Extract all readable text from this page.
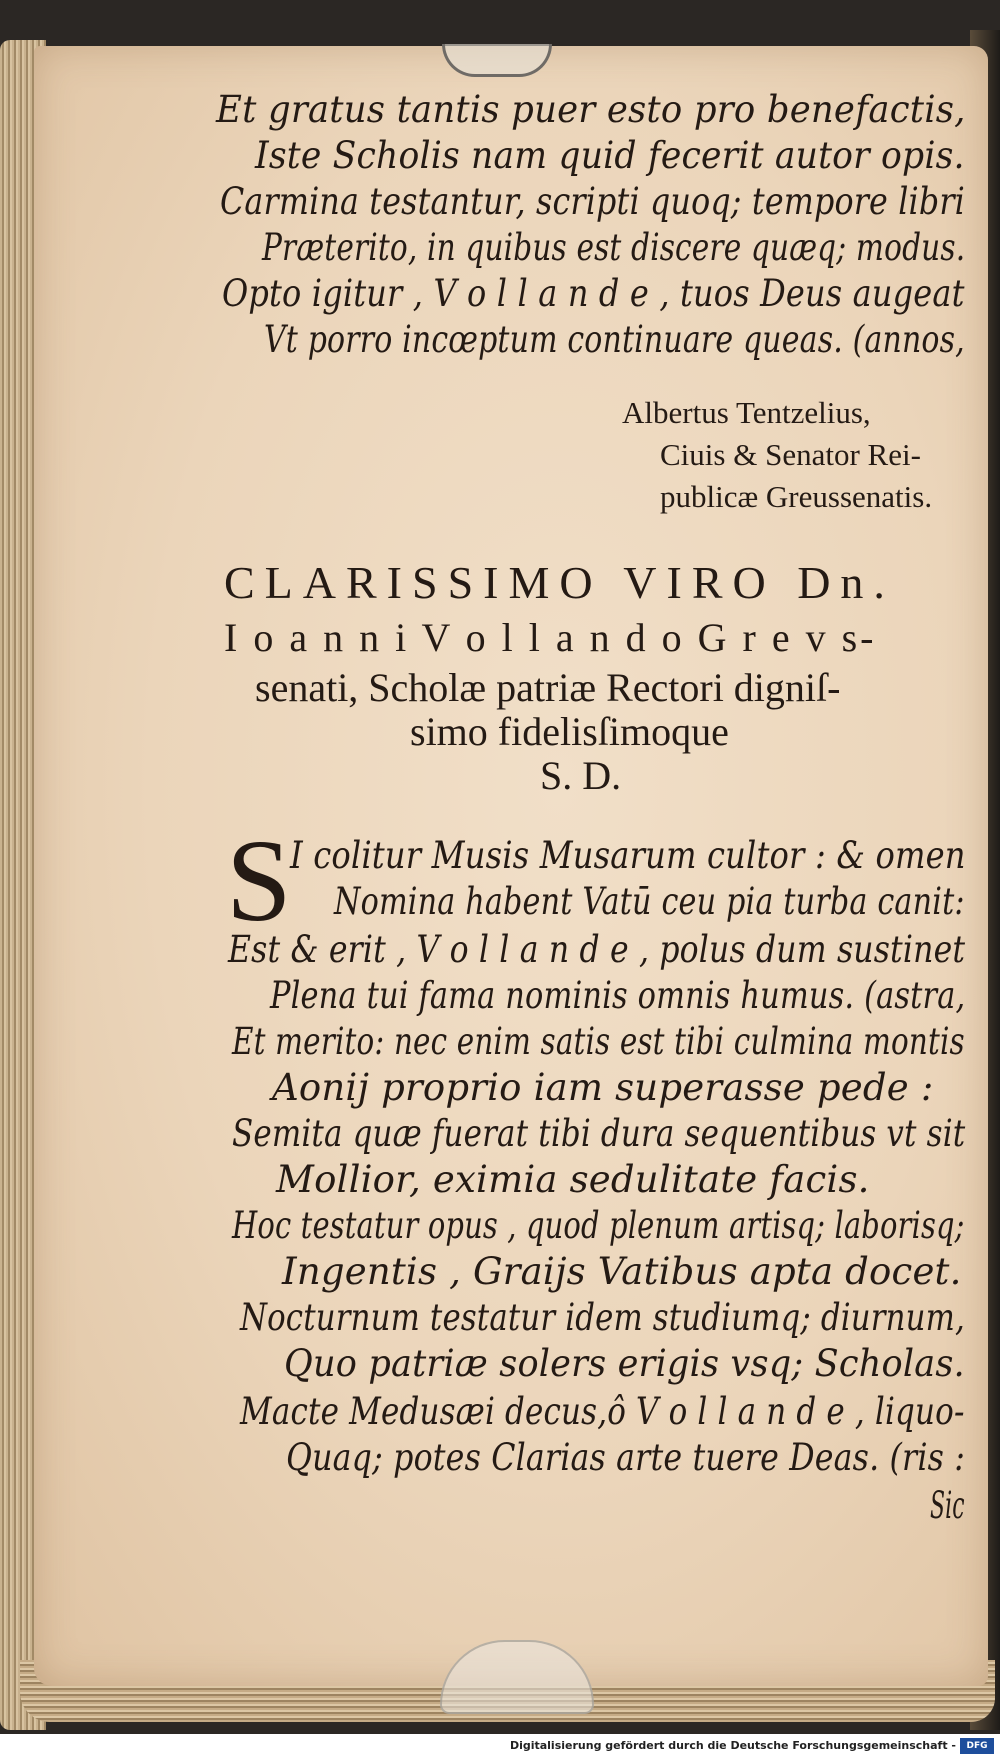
Et gratus tantis puer esto pro benefactis,
Iste Scholis nam quid fecerit autor opis.
Carmina testantur, scripti quoq; tempore libri
Præterito, in quibus est discere quæq; modus.
Opto igitur , V o l l a n d e , tuos Deus augeat
Vt porro incœptum continuare queas. (annos,
Albertus Tentzelius,
Ciuis & Senator Rei-
publicæ Greussenatis.
CLARISSIMO VIRO Dn.
I o a n n i V o l l a n d o G r e v s-
senati, Scholæ patriæ Rectori digniſ-
simo fidelisſimoque
S. D.
S
I colitur Musis Musarum cultor : & omen
Nomina habent Vatū ceu pia turba canit:
Est & erit , V o l l a n d e , polus dum sustinet
Plena tui fama nominis omnis humus. (astra,
Et merito: nec enim satis est tibi culmina montis
Aonij proprio iam superasse pede :
Semita quæ fuerat tibi dura sequentibus vt sit
Mollior, eximia sedulitate facis.
Hoc testatur opus , quod plenum artisq; laborisq;
Ingentis , Graijs Vatibus apta docet.
Nocturnum testatur idem studiumq; diurnum,
Quo patriæ solers erigis vsq; Scholas.
Macte Medusæi decus,ô V o l l a n d e , liquo-
Quaq; potes Clarias arte tuere Deas. (ris :
Sic
Digitalisierung gefördert durch die Deutsche Forschungsgemeinschaft -	DFG
